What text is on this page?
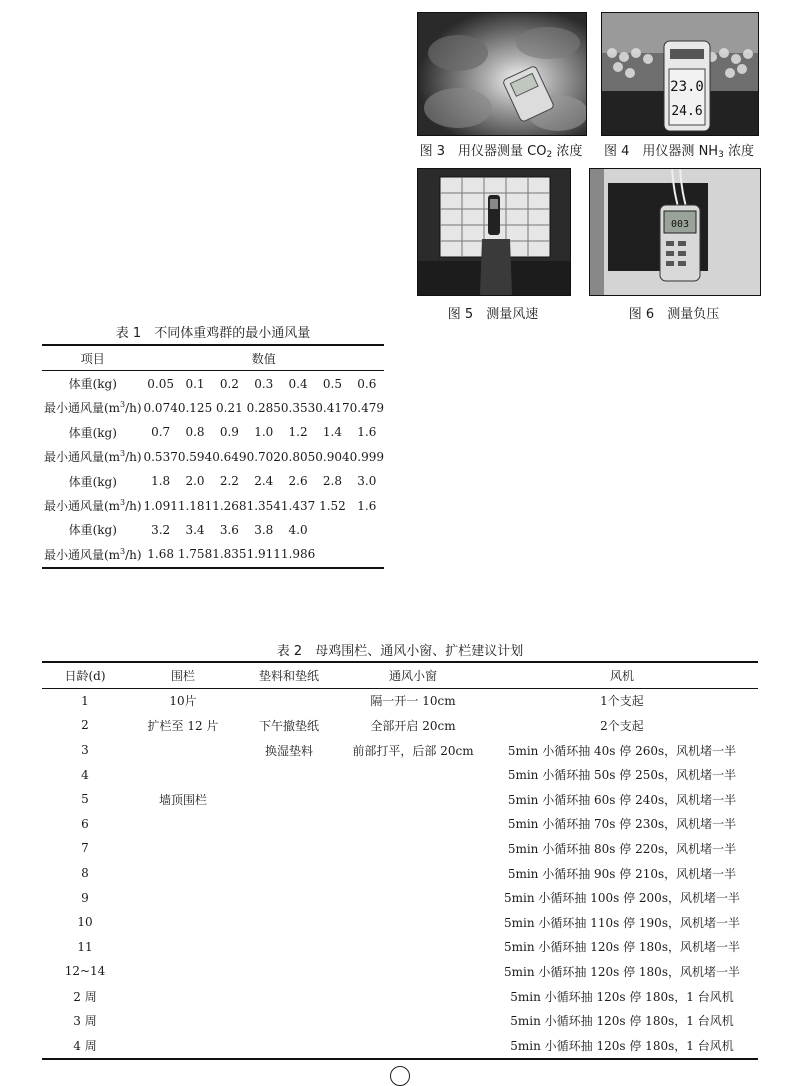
图 3　用仪器测量 $CO_2$ 浓度
23.0
24.6
图 4　用仪器测 $NH_3$ 浓度
图 5　测量风速
003
图 6　测量负压
表 1　不同体重鸡群的最小通风量
项目	数值						
体重(kg)	0.05	0.1	0.2	0.3	0.4	0.5	0.6
最小通风量$(m^3/h)$	0.074	0.125	0.21	0.285	0.353	0.417	0.479
体重(kg)	0.7	0.8	0.9	1.0	1.2	1.4	1.6
最小通风量$(m^3/h)$	0.537	0.594	0.649	0.702	0.805	0.904	0.999
体重(kg)	1.8	2.0	2.2	2.4	2.6	2.8	3.0
最小通风量$(m^3/h)$	1.091	1.181	1.268	1.354	1.437	1.52	1.6
体重(kg)	3.2	3.4	3.6	3.8	4.0		
最小通风量$(m^3/h)$	1.68	1.758	1.835	1.911	1.986		
表 2　母鸡围栏、通风小窗、扩栏建议计划
日龄(d)	围栏	垫料和垫纸	通风小窗	风机
1	10片		隔一开一 10cm	1个支起
2	扩栏至 12 片	下午撤垫纸	全部开启 20cm	2个支起
3		换湿垫料	前部打平，后部 20cm	5min 小循环抽 40s 停 260s，风机堵一半
4				5min 小循环抽 50s 停 250s，风机堵一半
5	墙顶围栏			5min 小循环抽 60s 停 240s，风机堵一半
6				5min 小循环抽 70s 停 230s，风机堵一半
7				5min 小循环抽 80s 停 220s，风机堵一半
8				5min 小循环抽 90s 停 210s，风机堵一半
9				5min 小循环抽 100s 停 200s，风机堵一半
10				5min 小循环抽 110s 停 190s，风机堵一半
11				5min 小循环抽 120s 停 180s，风机堵一半
12~14				5min 小循环抽 120s 停 180s，风机堵一半
2 周				5min 小循环抽 120s 停 180s，1 台风机
3 周				5min 小循环抽 120s 停 180s，1 台风机
4 周				5min 小循环抽 120s 停 180s，1 台风机
